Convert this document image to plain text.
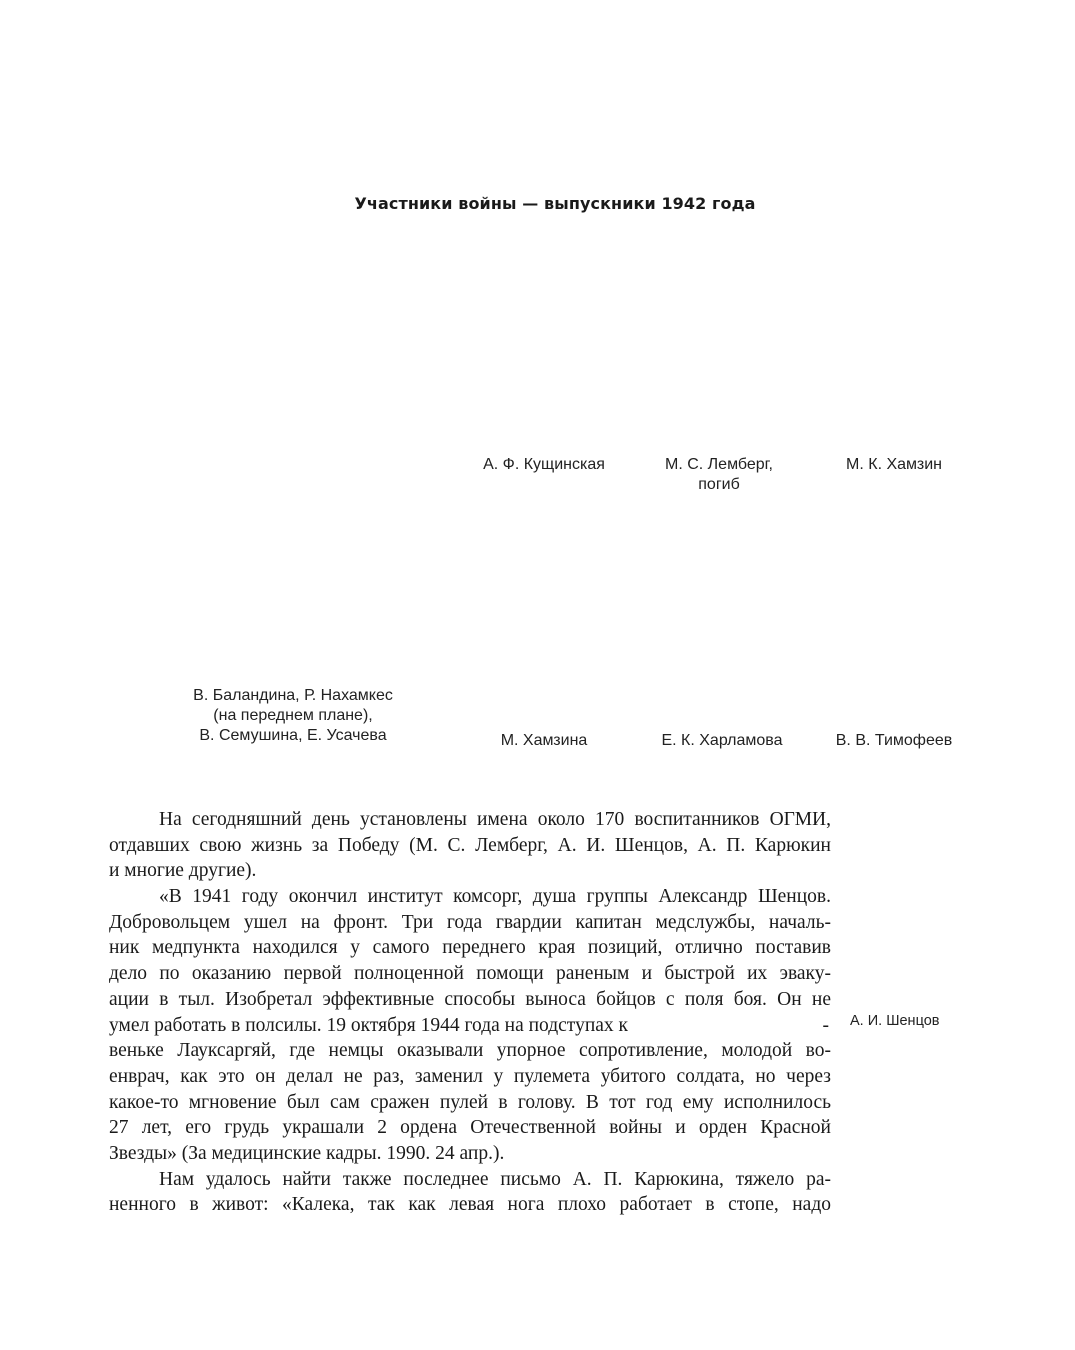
Участники войны — выпускники 1942 года
А. Ф. Кущинская	М. С. Лемберг,
погиб
М. К. Хамзин
В. Баландина, Р. Нахамкес
(на переднем плане),
В. Семушина, Е. Усачева	М. Хамзина	Е. К. Харламова	В. В. Тимофеев
На сегодняшний день установлены имена около 170 воспитанников ОГМИ,
отдавших свою жизнь за Победу (М. С. Лемберг, А. И. Шенцов, А. П. Карюкин
и многие другие).
«В 1941 году окончил институт комсорг, душа группы Александр Шенцов.
Добровольцем ушел на фронт. Три года гвардии капитан медслужбы, началь-
ник медпункта находился у самого переднего края позиций, отлично поставив
дело по оказанию первой полноценной помощи раненым и быстрой их эваку-
ации в тыл. Изобретал эффективные способы выноса бойцов с поля боя. Он не
умел работать в полсилы. 19 октября 1944 года на подступах к	-
веньке Лауксаргяй, где немцы оказывали упорное сопротивление, молодой во-
енврач, как это он делал не раз, заменил у пулемета убитого солдата, но через
какое-то мгновение был сам сражен пулей в голову. В тот год ему исполнилось
27 лет, его грудь украшали 2 ордена Отечественной войны и орден Красной
Звезды» (За медицинские кадры. 1990. 24 апр.).
Нам удалось найти также последнее письмо А. П. Карюкина, тяжело ра-
ненного в живот: «Калека, так как левая нога плохо работает в стопе, надо
А. И. Шенцов
